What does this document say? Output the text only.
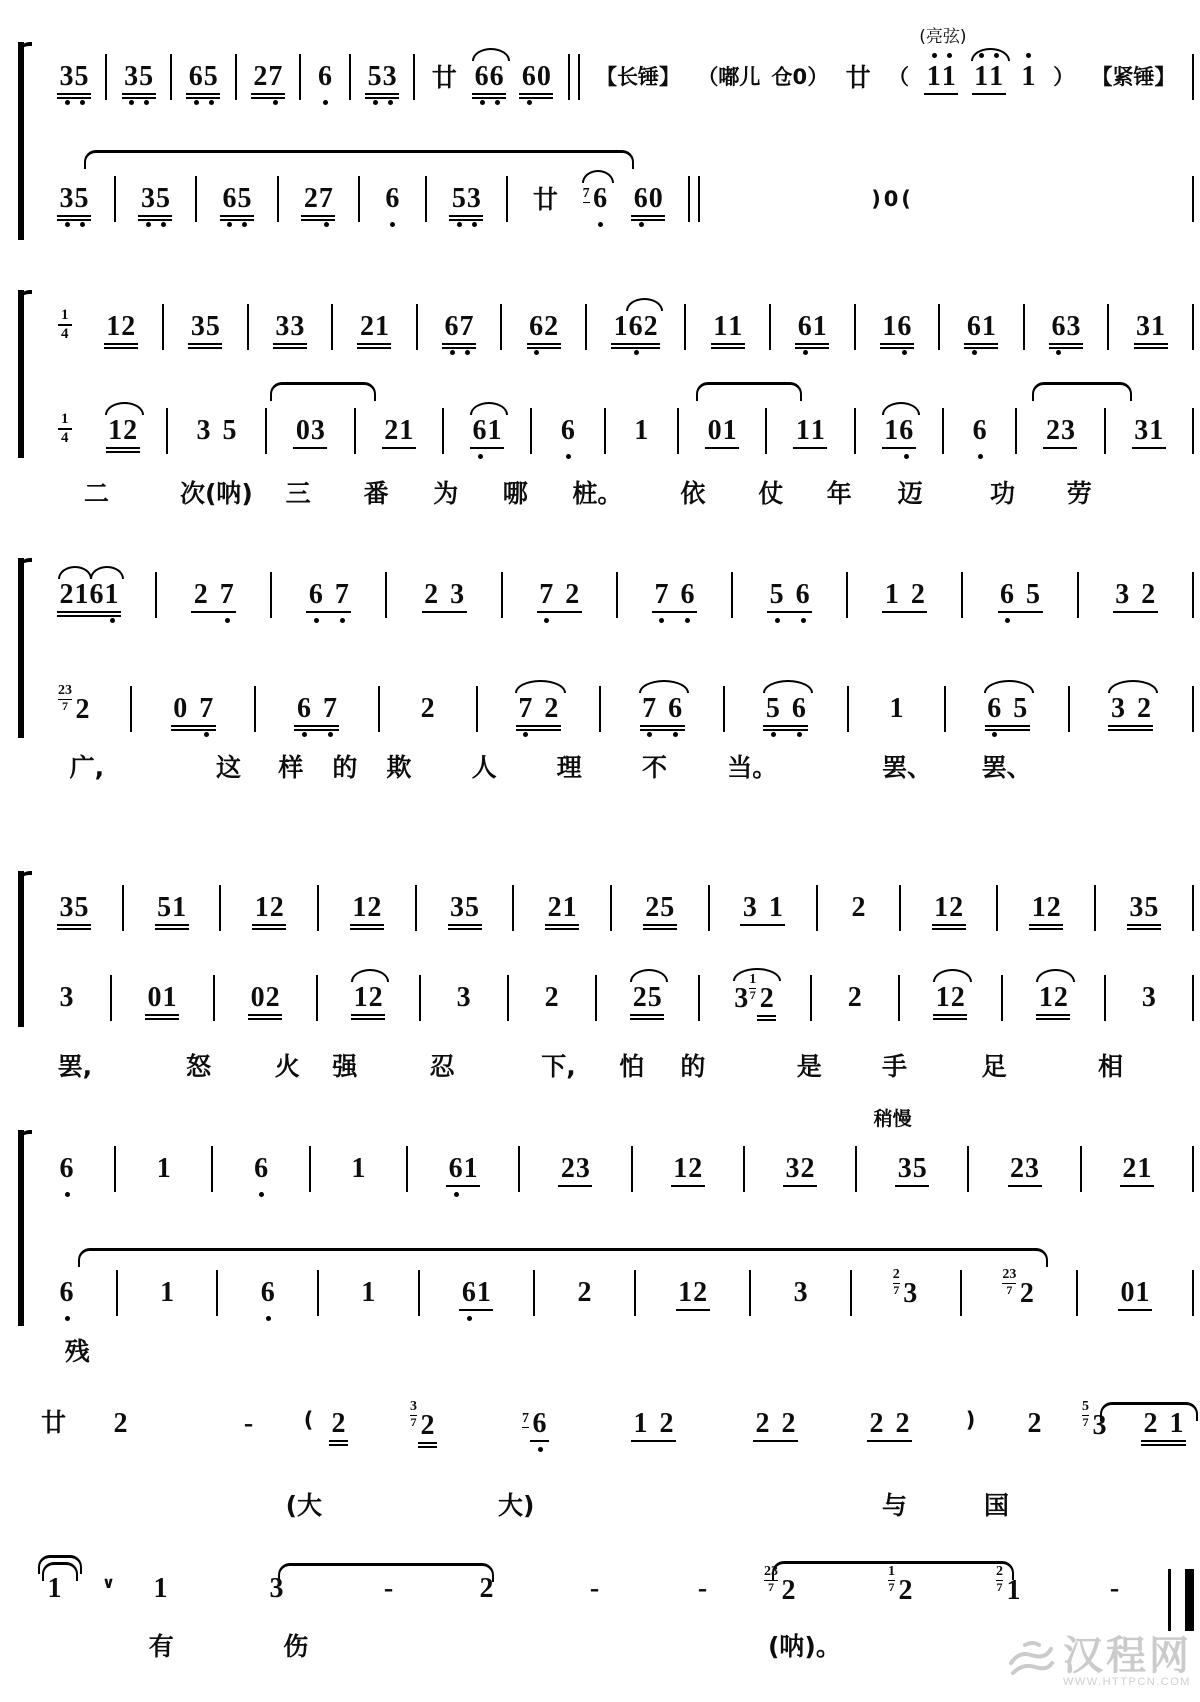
汉程网
WWW.HTTPCN.COM
3 5 3 5 6 5 2 7 6 5 3 廿 6 6 6 0 【 长 锤 】 （ 嘟 儿
仓 0 ） 廿 （
(亮弦)
1 1 1 1 1 ） 【 紧 锤 】
3 5 3 5 6 5 2 7 6 5 3 廿 7 6 6 0	) 0 (
1
4 1 2 3 5 3 3 2 1 6 7 6 2 1 6 2 1 1 6 1 1 6 6 1 6 3 3 1
1
4 1 2 3
5 0 3 2 1 6 1 6 1 0 1 1 1 1 6 6 2 3 3 1
二	次(呐) 三 番 为 哪 桩。 依 仗 年 迈	功 劳
2 1 6 1	2
7	6
7	2
3	7
2	7
6	5
6	1
2	6
5	3
2
23
7 2	0
7	6
7	2	7
2	7
6	5
6	1	6
5	3
2
广,	这 样 的 欺 人 理 不 当。	罢、 罢、
3 5 5 1 1 2 1 2 3 5 2 1 2 5 3
1 2 1 2 1 2 3 5
3	0 1	0 2	1 2	3	2	2 5	3
1
7 2	2	1 2	1 2	3
罢,	怒	火 强	忍	下, 怕 的	是 手	足	相
稍慢
6	1	6	1	6 1	2 3	1 2	3 2	3 5	2 3	2 1
6	1	6	1	6 1	2	1 2	3
2
7 3
23
7 2	0 1
残
廿 2	- ( 2
3
7 2	7 6	1
2	2
2	2
2	) 2
5
7 3 2
1
(大	大)	与	国
1	∨ 1	3	-	2	-	-
23
7 2
1
7 2
2
7 1	-
有	伤	(呐)。
